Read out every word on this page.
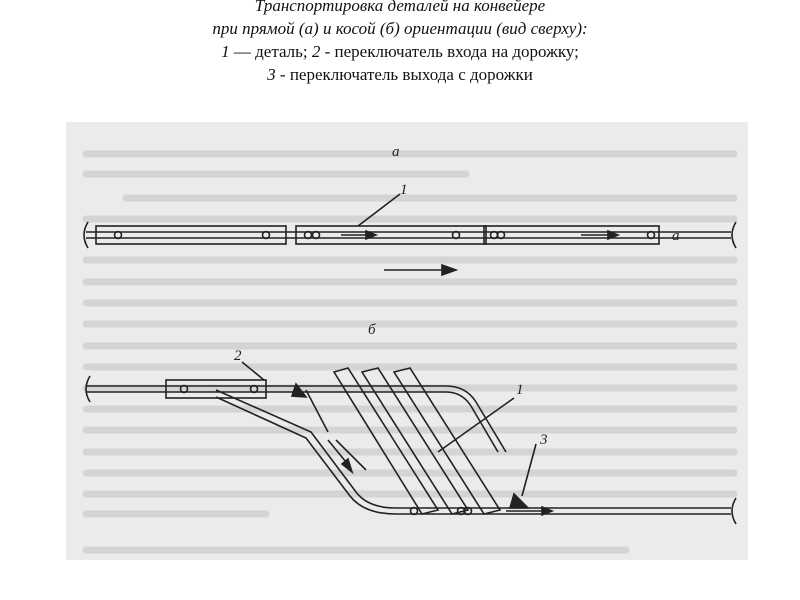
Транспортировка деталей на конвейере
при прямой (а) и косой (б) ориентации (вид сверху):
1 — деталь; 2 - переключатель входа на дорожку;
3 - переключатель выхода с дорожки
а
1
а
б
2
1
3
